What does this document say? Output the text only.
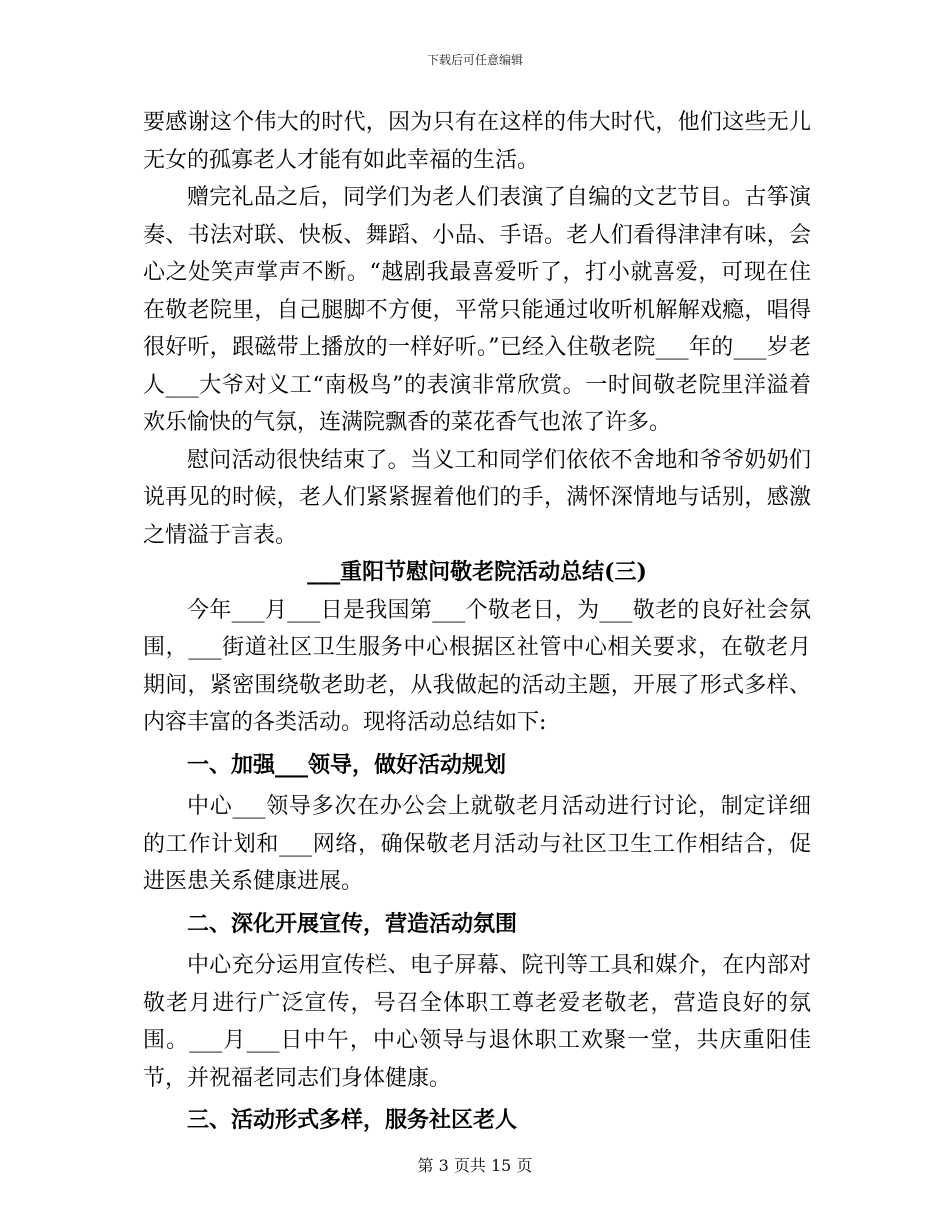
下载后可任意编辑

要感谢这个伟大的时代，因为只有在这样的伟大时代，他们这些无儿无女的孤寡老人才能有如此幸福的生活。

赠完礼品之后，同学们为老人们表演了自编的文艺节目。古筝演奏、书法对联、快板、舞蹈、小品、手语。老人们看得津津有味，会心之处笑声掌声不断。“越剧我最喜爱听了，打小就喜爱，可现在住在敬老院里，自己腿脚不方便，平常只能通过收听机解解戏瘾，唱得很好听，跟磁带上播放的一样好听。”已经入住敬老院___年的___岁老人___大爷对义工“南极鸟”的表演非常欣赏。一时间敬老院里洋溢着欢乐愉快的气氛，连满院飘香的菜花香气也浓了许多。

慰问活动很快结束了。当义工和同学们依依不舍地和爷爷奶奶们说再见的时候，老人们紧紧握着他们的手，满怀深情地与话别，感激之情溢于言表。

___重阳节慰问敬老院活动总结(三)

今年___月___日是我国第___个敬老日，为___敬老的良好社会氛围，___街道社区卫生服务中心根据区社管中心相关要求，在敬老月期间，紧密围绕敬老助老，从我做起的活动主题，开展了形式多样、内容丰富的各类活动。现将活动总结如下:

一、加强___领导，做好活动规划

中心___领导多次在办公会上就敬老月活动进行讨论，制定详细的工作计划和___网络，确保敬老月活动与社区卫生工作相结合，促进医患关系健康进展。

二、深化开展宣传，营造活动氛围

中心充分运用宣传栏、电子屏幕、院刊等工具和媒介，在内部对敬老月进行广泛宣传，号召全体职工尊老爱老敬老，营造良好的氛围。___月___日中午，中心领导与退休职工欢聚一堂，共庆重阳佳节，并祝福老同志们身体健康。

三、活动形式多样，服务社区老人

第 3 页共 15 页
